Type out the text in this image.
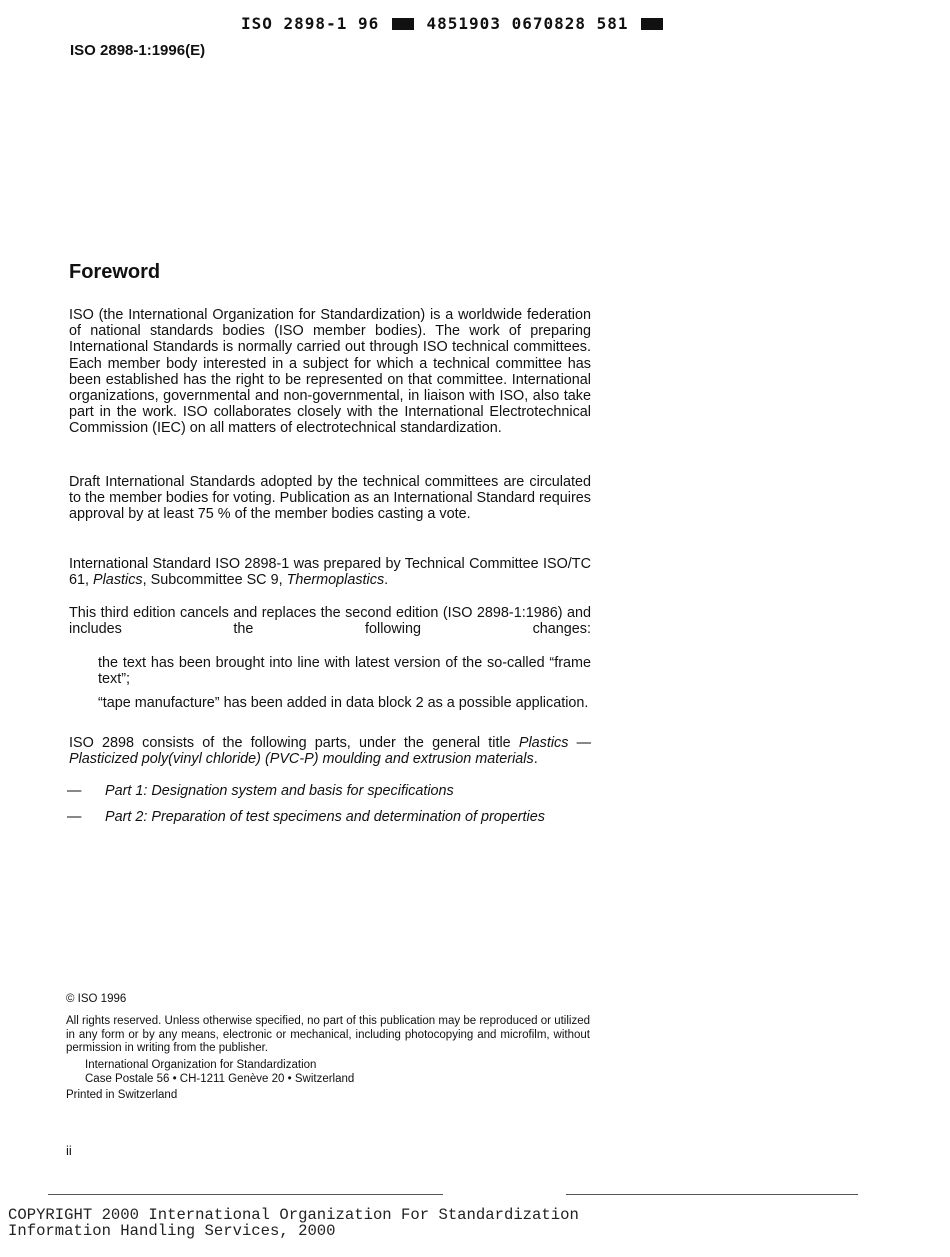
ISO 2898-1 96	4851903 0670828 581
ISO 2898-1:1996(E)
Foreword

ISO (the International Organization for Standardization) is a worldwide federation of national standards bodies (ISO member bodies). The work of preparing International Standards is normally carried out through ISO technical committees. Each member body interested in a subject for which a technical committee has been established has the right to be represented on that committee. International organizations, governmental and non-governmental, in liaison with ISO, also take part in the work. ISO collaborates closely with the International Electrotechnical Commission (IEC) on all matters of electrotechnical standardization.

Draft International Standards adopted by the technical committees are circulated to the member bodies for voting. Publication as an International Standard requires approval by at least 75 % of the member bodies casting a vote.

International Standard ISO 2898-1 was prepared by Technical Committee ISO/TC 61, Plastics, Subcommittee SC 9, Thermoplastics.

This third edition cancels and replaces the second edition (ISO 2898-1:1986) and includes the following changes:

the text has been brought into line with latest version of the so-called “frame text”;

“tape manufacture” has been added in data block 2 as a possible application.

ISO 2898 consists of the following parts, under the general title Plastics — Plasticized poly(vinyl chloride) (PVC-P) moulding and extrusion materials.

— Part 1: Designation system and basis for specifications
— Part 2: Preparation of test specimens and determination of properties

© ISO 1996

All rights reserved. Unless otherwise specified, no part of this publication may be reproduced or utilized in any form or by any means, electronic or mechanical, including photocopying and microfilm, without permission in writing from the publisher.

International Organization for Standardization

Case Postale 56 • CH-1211 Genève 20 • Switzerland

Printed in Switzerland

ii
COPYRIGHT 2000 International Organization For Standardization
Information Handling Services, 2000
